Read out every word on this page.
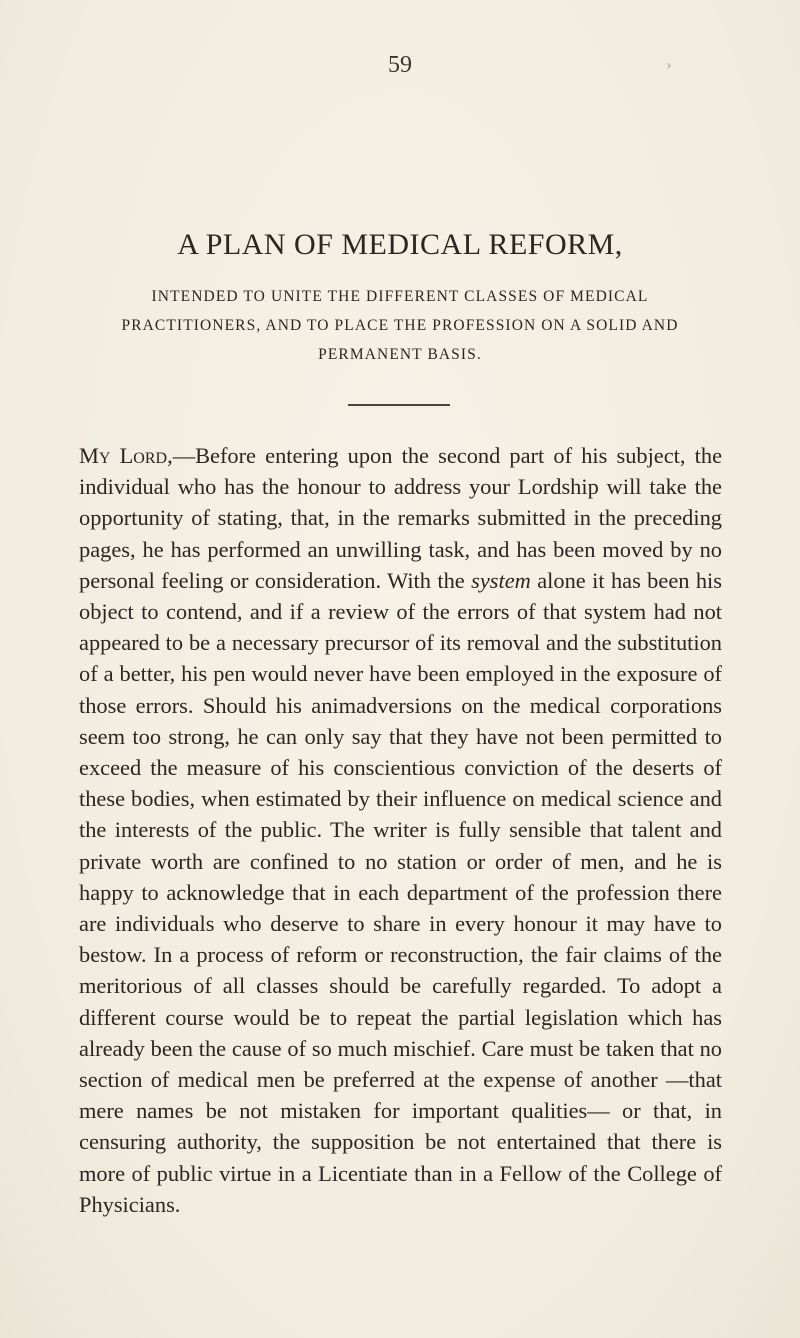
59	›
A PLAN OF MEDICAL REFORM,
INTENDED TO UNITE THE DIFFERENT CLASSES OF MEDICAL PRACTITIONERS, AND TO PLACE THE PROFESSION ON A SOLID AND PERMANENT BASIS.
My Lord,—Before entering upon the second part of his subject, the individual who has the honour to address your Lordship will take the opportunity of stating, that, in the remarks submitted in the preceding pages, he has performed an unwilling task, and has been moved by no personal feeling or consideration. With the system alone it has been his object to contend, and if a review of the errors of that system had not appeared to be a necessary precursor of its removal and the substitution of a better, his pen would never have been employed in the exposure of those errors. Should his animadversions on the medical corporations seem too strong, he can only say that they have not been permitted to exceed the measure of his conscientious conviction of the deserts of these bodies, when estimated by their influence on medical science and the interests of the public. The writer is fully sensible that talent and private worth are confined to no station or order of men, and he is happy to acknowledge that in each department of the profession there are individuals who deserve to share in every honour it may have to bestow. In a process of reform or reconstruction, the fair claims of the meritorious of all classes should be carefully regarded. To adopt a different course would be to repeat the partial legislation which has already been the cause of so much mischief. Care must be taken that no section of medical men be preferred at the expense of another —that mere names be not mistaken for important qualities— or that, in censuring authority, the supposition be not entertained that there is more of public virtue in a Licentiate than in a Fellow of the College of Physicians.
